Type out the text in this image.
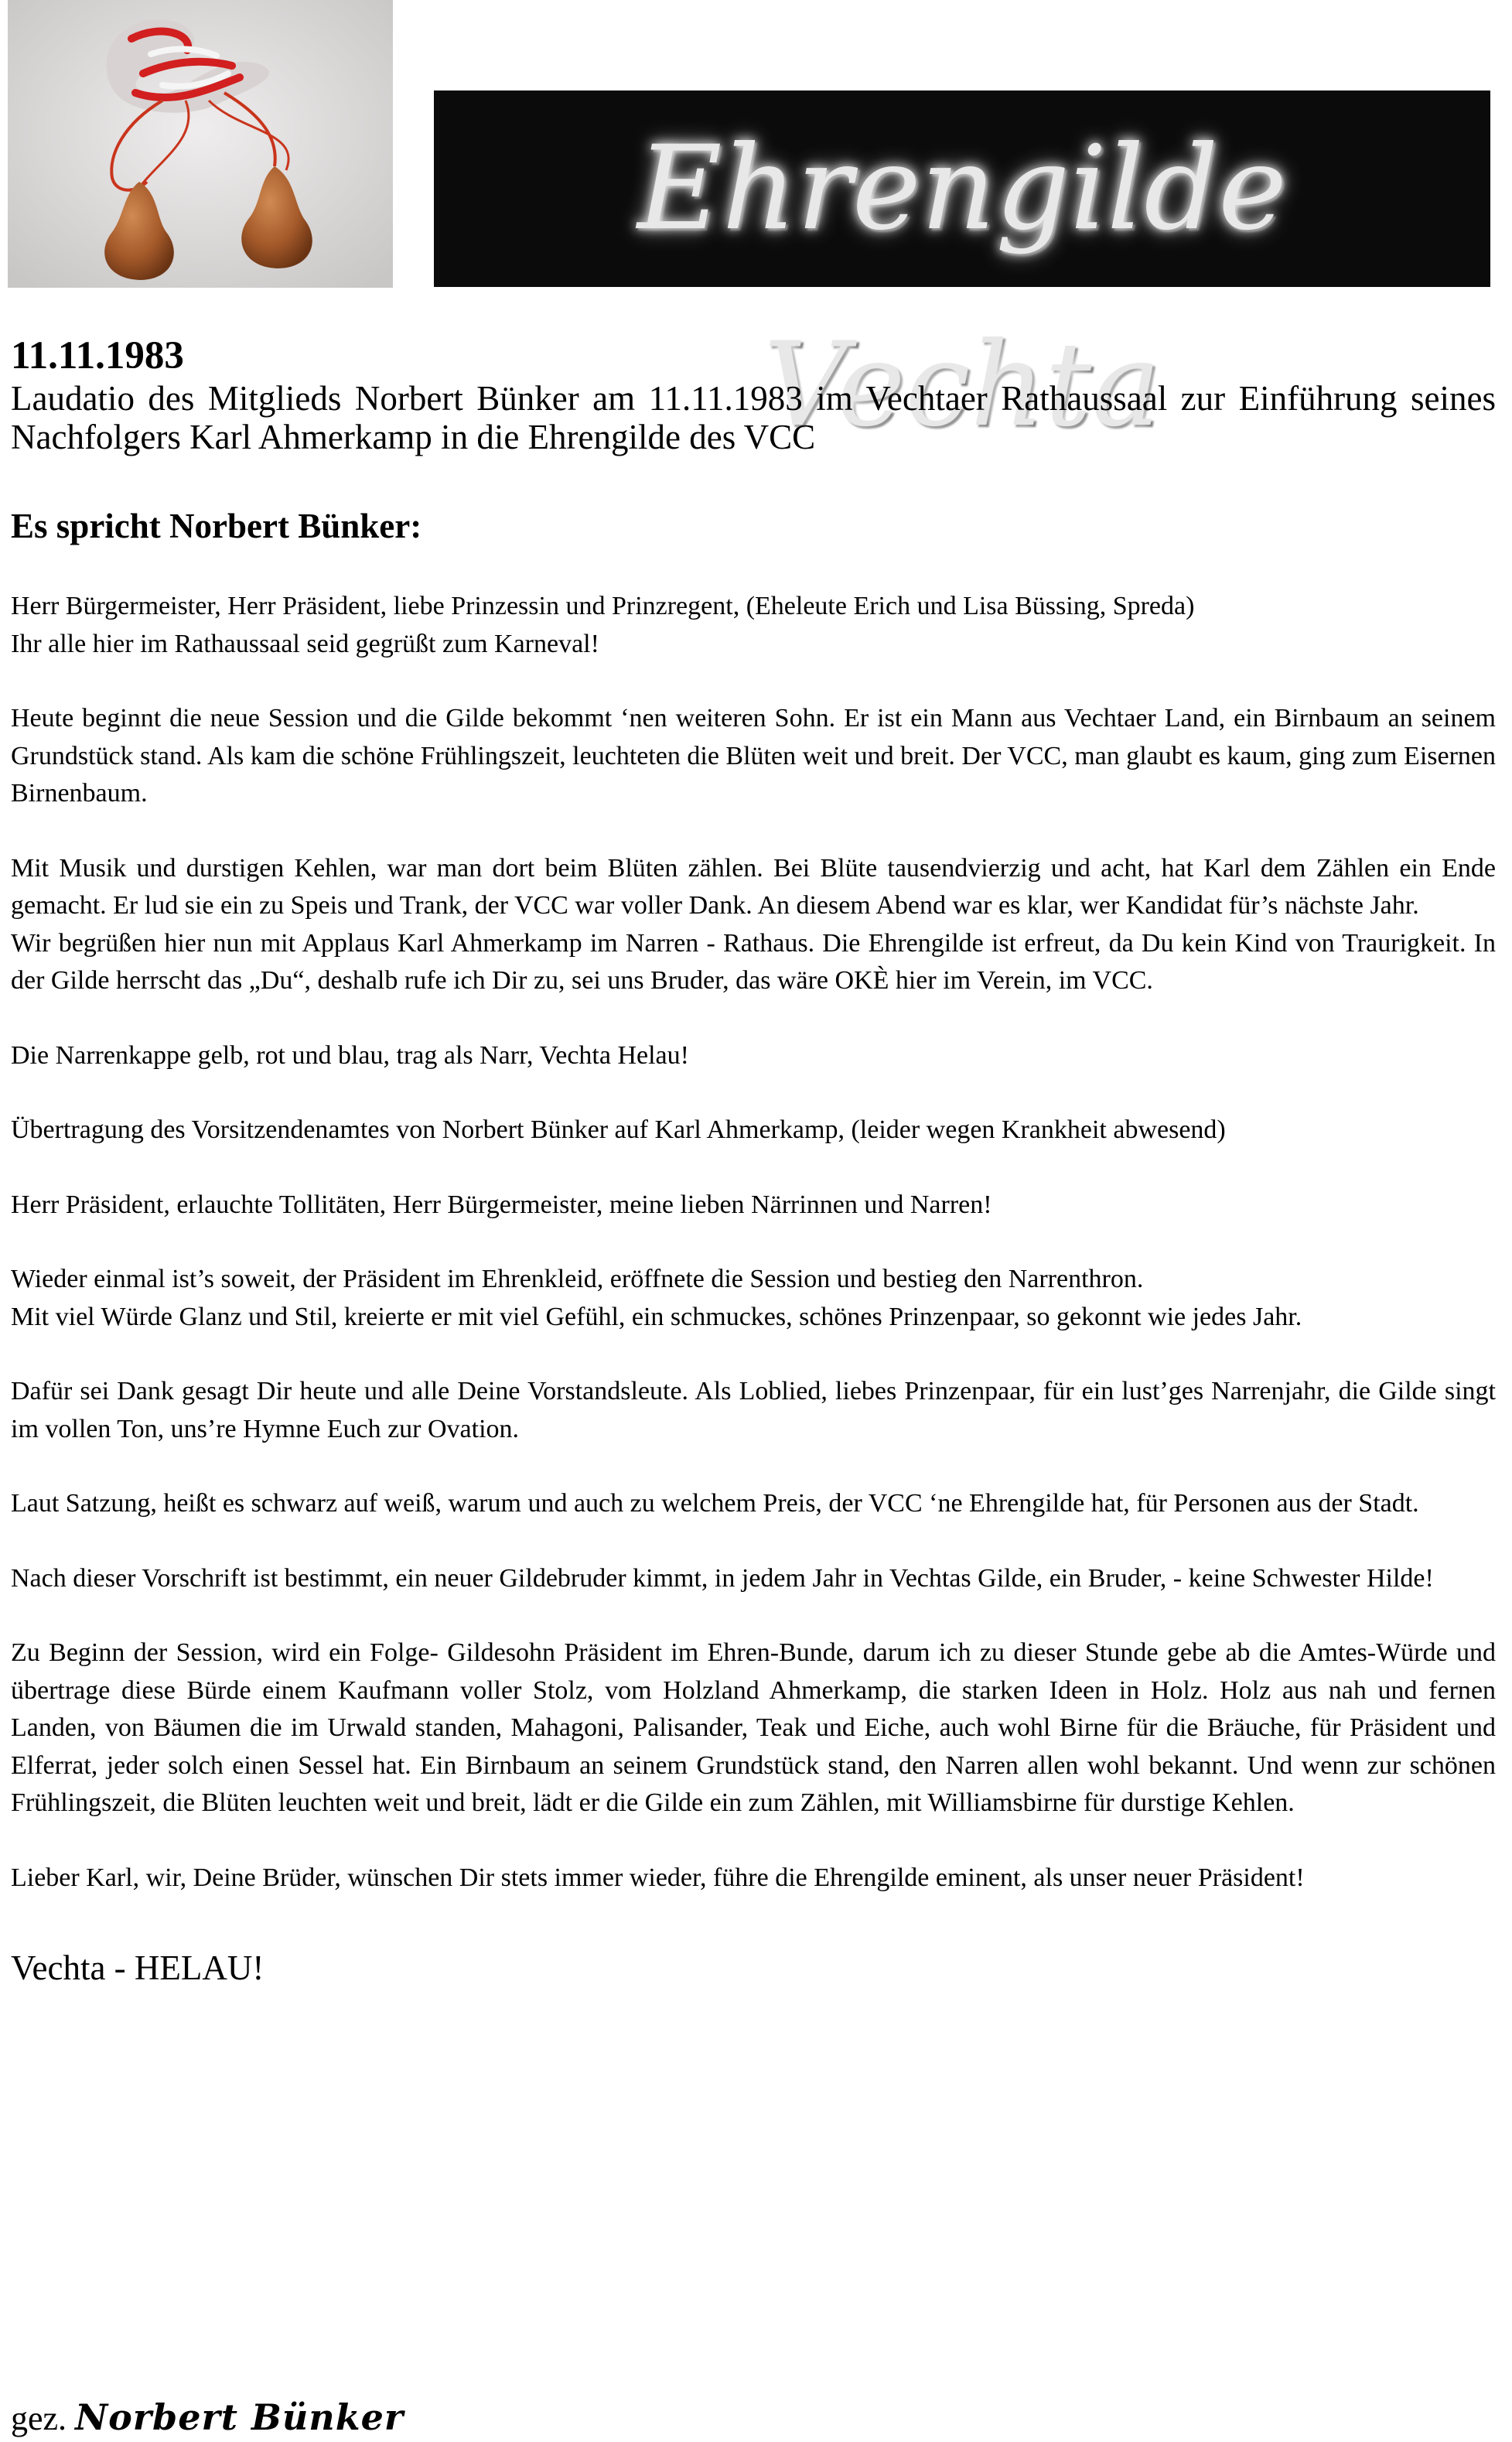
Ehrengilde Vechta

11.11.1983

Laudatio des Mitglieds Norbert Bünker am 11.11.1983 im Vechtaer Rathaussaal zur Einführung seines Nachfolgers Karl Ahmerkamp in die Ehrengilde des VCC

Es spricht Norbert Bünker:

Herr Bürgermeister, Herr Präsident, liebe Prinzessin und Prinzregent, (Eheleute Erich und Lisa Büssing, Spreda)
Ihr alle hier im Rathaussaal seid gegrüßt zum Karneval!

Heute beginnt die neue Session und die Gilde bekommt ‘nen weiteren Sohn. Er ist ein Mann aus Vechtaer Land, ein Birnbaum an seinem Grundstück stand. Als kam die schöne Frühlingszeit, leuchteten die Blüten weit und breit. Der VCC, man glaubt es kaum, ging zum Eisernen Birnenbaum.

Mit Musik und durstigen Kehlen, war man dort beim Blüten zählen. Bei Blüte tausendvierzig und acht, hat Karl dem Zählen ein Ende gemacht. Er lud sie ein zu Speis und Trank, der VCC war voller Dank. An diesem Abend war es klar, wer Kandidat für’s nächste Jahr.

Wir begrüßen hier nun mit Applaus Karl Ahmerkamp im Narren - Rathaus. Die Ehrengilde ist erfreut, da Du kein Kind von Traurigkeit. In der Gilde herrscht das „Du“, deshalb rufe ich Dir zu, sei uns Bruder, das wäre OKÈ hier im Verein, im VCC.

Die Narrenkappe gelb, rot und blau, trag als Narr, Vechta Helau!

Übertragung des Vorsitzendenamtes von Norbert Bünker auf Karl Ahmerkamp, (leider wegen Krankheit abwesend)

Herr Präsident, erlauchte Tollitäten, Herr Bürgermeister, meine lieben Närrinnen und Narren!

Wieder einmal ist’s soweit, der Präsident im Ehrenkleid, eröffnete die Session und bestieg den Narrenthron.
Mit viel Würde Glanz und Stil, kreierte er mit viel Gefühl, ein schmuckes, schönes Prinzenpaar, so gekonnt wie jedes Jahr.

Dafür sei Dank gesagt Dir heute und alle Deine Vorstandsleute. Als Loblied, liebes Prinzenpaar, für ein lust’ges Narrenjahr, die Gilde singt im vollen Ton, uns’re Hymne Euch zur Ovation.

Laut Satzung, heißt es schwarz auf weiß, warum und auch zu welchem Preis, der VCC ‘ne Ehrengilde hat, für Personen aus der Stadt.

Nach dieser Vorschrift ist bestimmt, ein neuer Gildebruder kimmt, in jedem Jahr in Vechtas Gilde, ein Bruder, - keine Schwester Hilde!

Zu Beginn der Session, wird ein Folge- Gildesohn Präsident im Ehren-Bunde, darum ich zu dieser Stunde gebe ab die Amtes-Würde und übertrage diese Bürde einem Kaufmann voller Stolz, vom Holzland Ahmerkamp, die starken Ideen in Holz. Holz aus nah und fernen Landen, von Bäumen die im Urwald standen, Mahagoni, Palisander, Teak und Eiche, auch wohl Birne für die Bräuche, für Präsident und Elferrat, jeder solch einen Sessel hat. Ein Birnbaum an seinem Grundstück stand, den Narren allen wohl bekannt. Und wenn zur schönen Frühlingszeit, die Blüten leuchten weit und breit, lädt er die Gilde ein zum Zählen, mit Williamsbirne für durstige Kehlen.

Lieber Karl, wir, Deine Brüder, wünschen Dir stets immer wieder, führe die Ehrengilde eminent, als unser neuer Präsident!

Vechta - HELAU!

gez. Norbert Bünker
